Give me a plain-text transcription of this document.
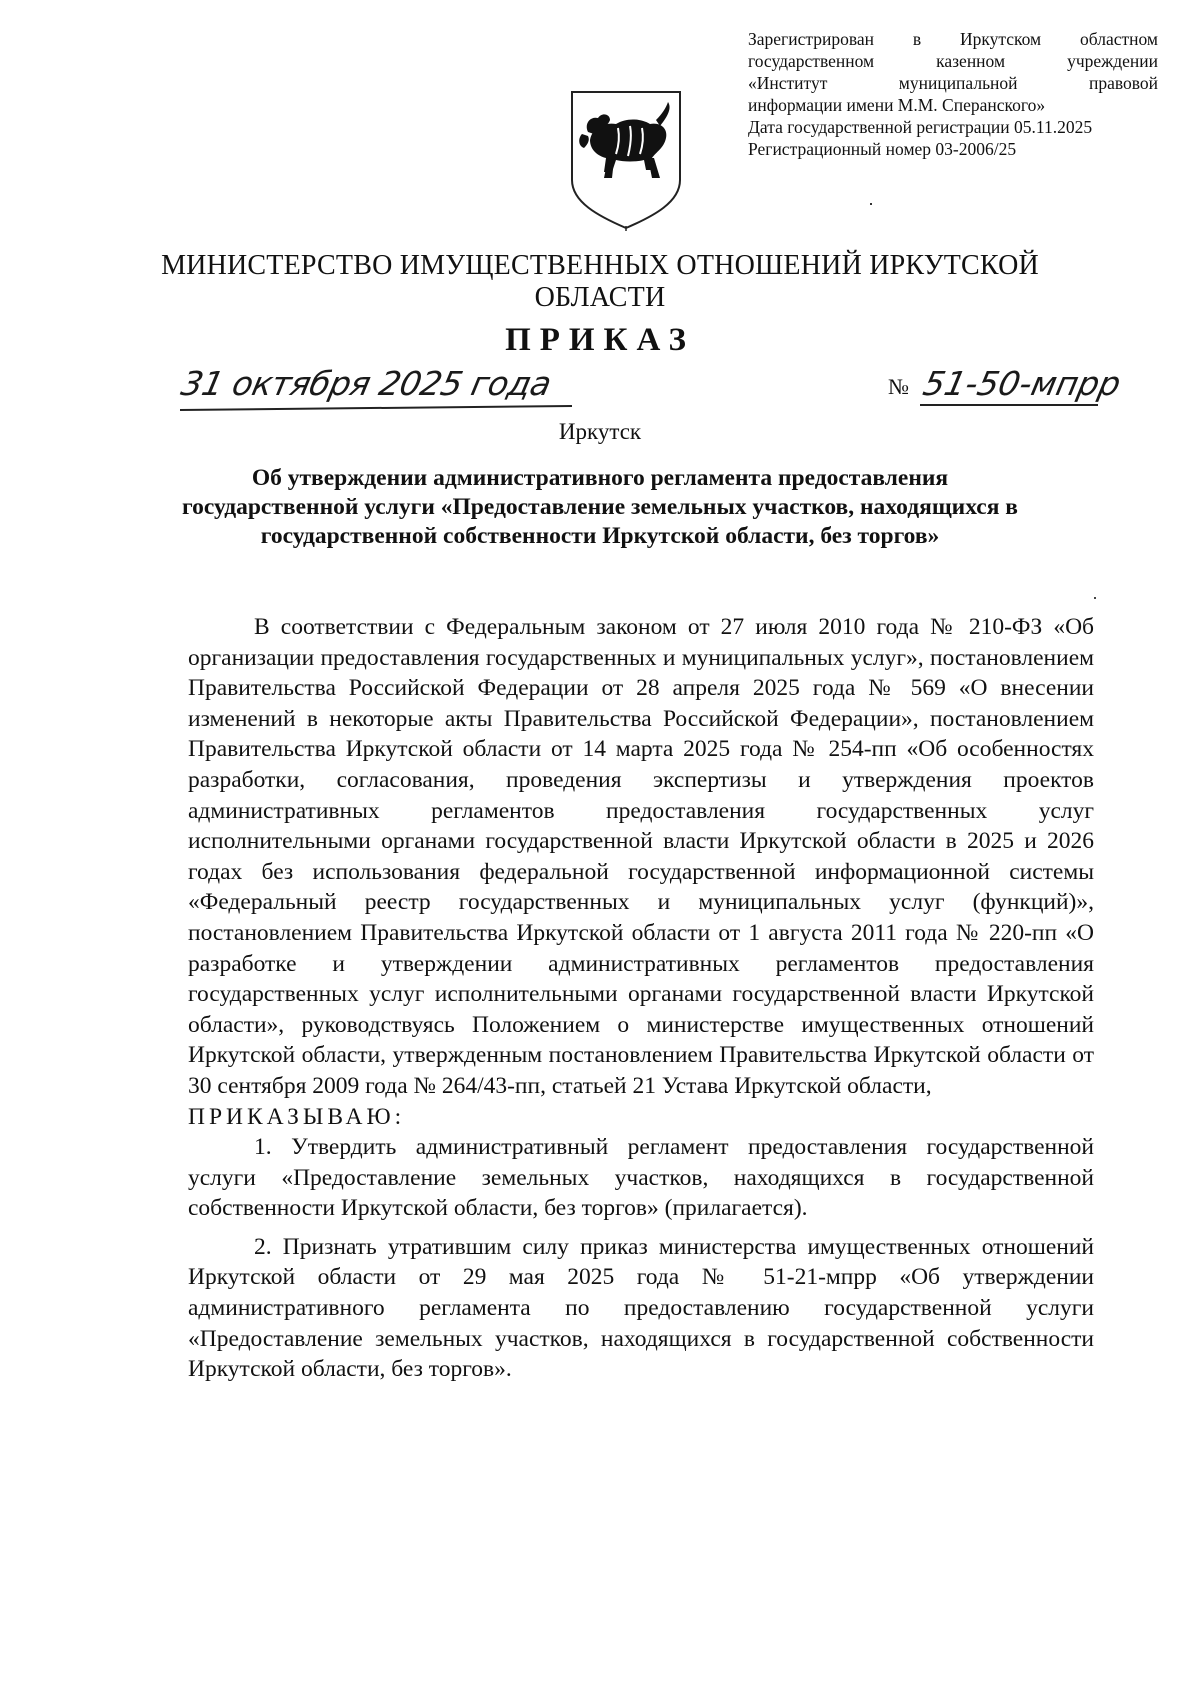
Зарегистрирован в Иркутском областном
государственном казенном учреждении
«Институт муниципальной правовой
информации имени М.М. Сперанского»
Дата государственной регистрации 05.11.2025
Регистрационный номер 03-2006/25
МИНИСТЕРСТВО ИМУЩЕСТВЕННЫХ ОТНОШЕНИЙ ИРКУТСКОЙ ОБЛАСТИ
ПРИКАЗ
31 октября 2025 года	№ 51-50-мпрр
Иркутск
Об утверждении административного регламента предоставления государственной услуги «Предоставление земельных участков, находящихся в государственной собственности Иркутской области, без торгов»

В соответствии с Федеральным законом от 27 июля 2010 года № 210-ФЗ «Об организации предоставления государственных и муниципальных услуг», постановлением Правительства Российской Федерации от 28 апреля 2025 года № 569 «О внесении изменений в некоторые акты Правительства Российской Федерации», постановлением Правительства Иркутской области от 14 марта 2025 года № 254-пп «Об особенностях разработки, согласования, проведения экспертизы и утверждения проектов административных регламентов предоставления государственных услуг исполнительными органами государственной власти Иркутской области в 2025 и 2026 годах без использования федеральной государственной информационной системы «Федеральный реестр государственных и муниципальных услуг (функций)», постановлением Правительства Иркутской области от 1 августа 2011 года № 220-пп «О разработке и утверждении административных регламентов предоставления государственных услуг исполнительными органами государственной власти Иркутской области», руководствуясь Положением о министерстве имущественных отношений Иркутской области, утвержденным постановлением Правительства Иркутской области от 30 сентября 2009 года № 264/43-пп, статьей 21 Устава Иркутской области,

ПРИКАЗЫВАЮ:

1. Утвердить административный регламент предоставления государственной услуги «Предоставление земельных участков, находящихся в государственной собственности Иркутской области, без торгов» (прилагается).

2. Признать утратившим силу приказ министерства имущественных отношений Иркутской области от 29 мая 2025 года № 51-21-мпрр «Об утверждении административного регламента по предоставлению государственной услуги «Предоставление земельных участков, находящихся в государственной собственности Иркутской области, без торгов».
